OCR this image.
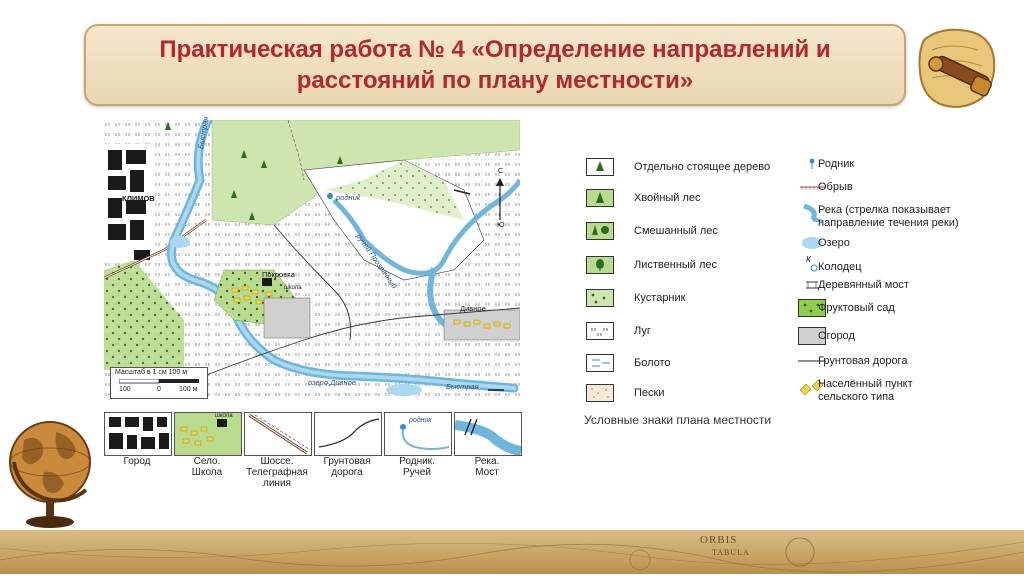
Практическая работа № 4 «Определение направлений и
расстояний по плану местности»
КЛИМОВ
Покровка
школа
Дивное
родник
Быстрая
Быстрая
озеро Дивное
ручей Прозрачный
С
Ю
Масштаб в 1 см 100 м
100	0	100 м
школа
родник
Город	Село.
Школа
Шоссе.
Телеграфная
линия
Грунтовая
дорога
Родник.
Ручей
Река.
Мост
Отдельно стоящее дерево
Хвойный лес
Смешанный лес
Лиственный лес
Кустарник
Луг
Болото
Пески
Родник
Обрыв
Река (стрелка показывает
направление течения реки)
Озеро
К
Колодец
Деревянный мост
Фруктовый сад
Огород
Грунтовая дорога
Населённый пункт
сельского типа
Условные знаки плана местности
ORBIS
TABULA
